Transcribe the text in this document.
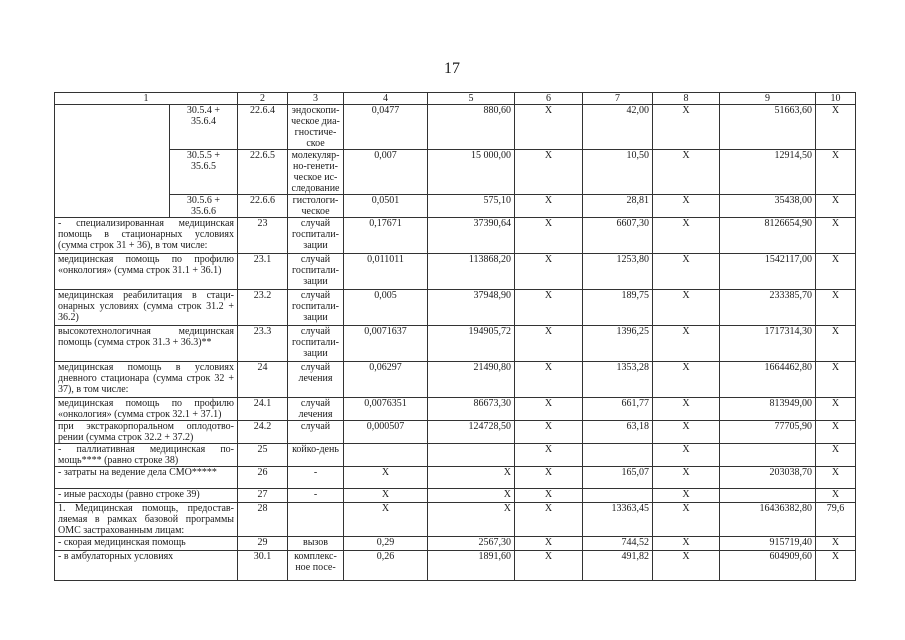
17
1		2	3	4	5	6	7	8	9	10
	30.5.4 +
35.6.4	22.6.4	эндоскопи-
ческое диа-
гностиче-
ское	0,0477	880,60	Х	42,00	Х	51663,60	Х
	30.5.5 +
35.6.5	22.6.5	молекуляр-
но-генети-
ческое ис-
следование	0,007	15 000,00	Х	10,50	Х	12914,50	Х
	30.5.6 +
35.6.6	22.6.6	гистологи-
ческое	0,0501	575,10	Х	28,81	Х	35438,00	Х
- специализированная медицинская помощь в стационарных условиях (сумма строк 31 + 36), в том числе:		23	случай
госпитали-
зации	0,17671	37390,64	Х	6607,30	Х	8126654,90	Х
медицинская помощь по профилю «онкология» (сумма строк 31.1 + 36.1)		23.1	случай
госпитали-
зации	0,011011	113868,20	Х	1253,80	Х	1542117,00	Х
медицинская реабилитация в стаци-онарных условиях (сумма строк 31.2 + 36.2)		23.2	случай
госпитали-
зации	0,005	37948,90	Х	189,75	Х	233385,70	Х
высокотехнологичная медицинская помощь (сумма строк 31.3 + 36.3)**		23.3	случай
госпитали-
зации	0,0071637	194905,72	Х	1396,25	Х	1717314,30	Х
медицинская помощь в условиях дневного стационара (сумма строк 32 + 37), в том числе:		24	случай
лечения	0,06297	21490,80	Х	1353,28	Х	1664462,80	Х
медицинская помощь по профилю «онкология» (сумма строк 32.1 + 37.1)		24.1	случай
лечения	0,0076351	86673,30	Х	661,77	Х	813949,00	Х
при экстракорпоральном оплодотво-рении (сумма строк 32.2 + 37.2)		24.2	случай	0,000507	124728,50	Х	63,18	Х	77705,90	Х
- паллиативная медицинская по-мощь**** (равно строке 38)		25	койко-день			Х		Х		Х
- затраты на ведение дела СМО*****		26	-	Х	Х	Х	165,07	Х	203038,70	Х
- иные расходы (равно строке 39)		27	-	Х	Х	Х		Х		Х
1. Медицинская помощь, предостав-ляемая в рамках базовой программы ОМС застрахованным лицам:		28		Х	Х	Х	13363,45	Х	16436382,80	79,6
- скорая медицинская помощь		29	вызов	0,29	2567,30	Х	744,52	Х	915719,40	Х
- в амбулаторных условиях		30.1	комплекс-
ное посе-	0,26	1891,60	Х	491,82	Х	604909,60	Х
